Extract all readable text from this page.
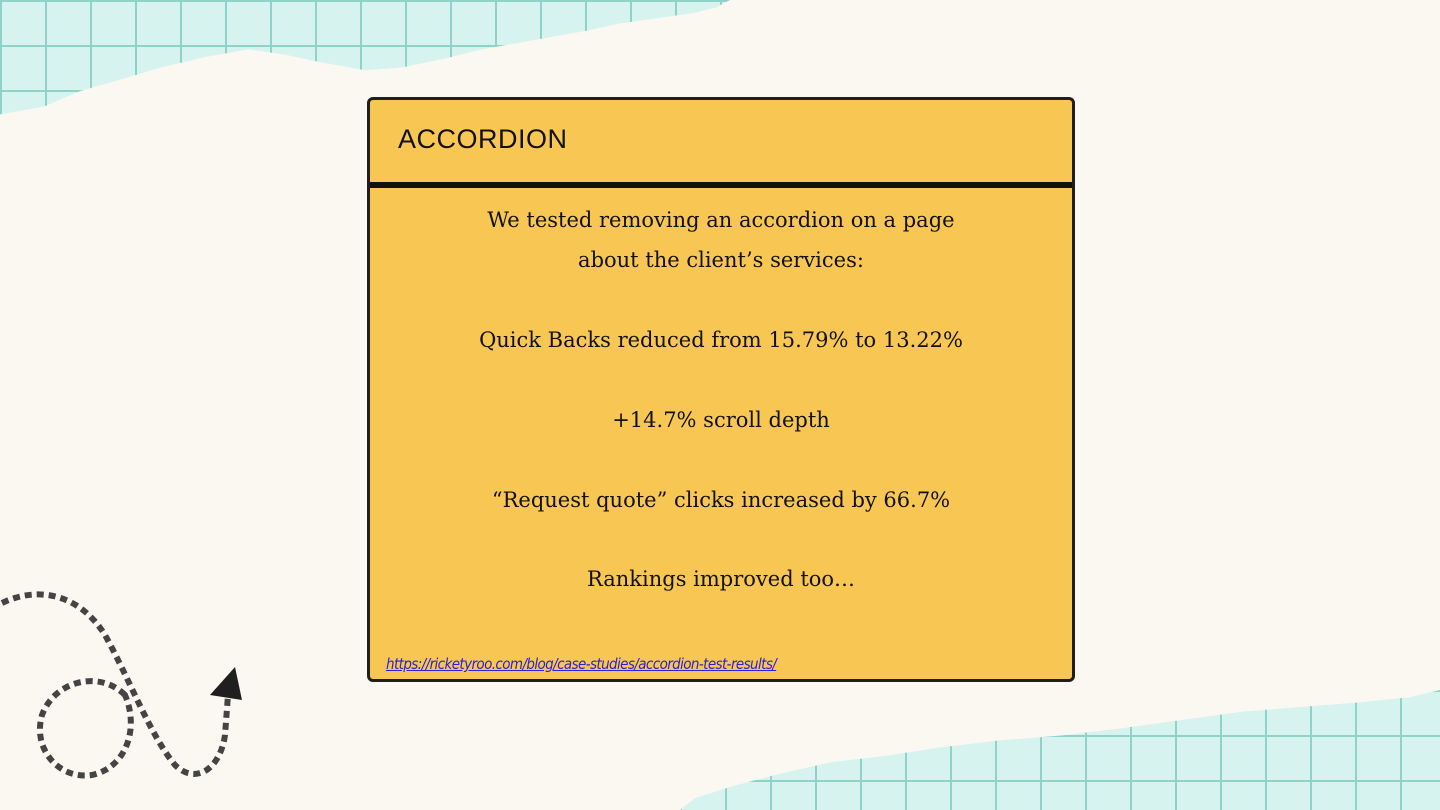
ACCORDION
We tested removing an accordion on a page
about the client’s services:
Quick Backs reduced from 15.79% to 13.22%
+14.7% scroll depth
“Request quote” clicks increased by 66.7%
Rankings improved too…
https://ricketyroo.com/blog/case-studies/accordion-test-results/
